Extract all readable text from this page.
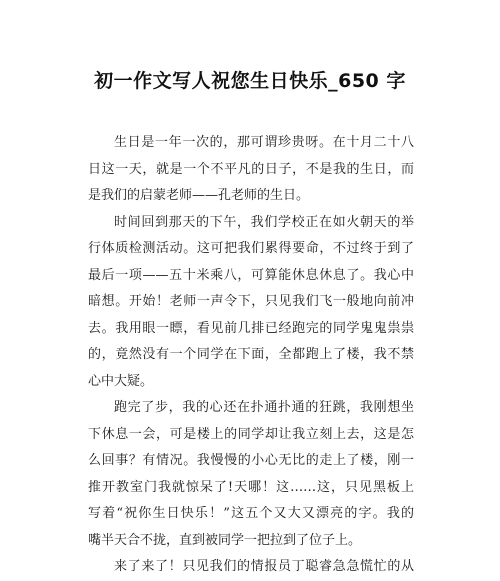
初一作文写人祝您生日快乐_650 字
生日是一年一次的，那可谓珍贵呀。在十月二十八
日这一天，就是一个不平凡的日子，不是我的生日，而
是我们的启蒙老师——孔老师的生日。
时间回到那天的下午，我们学校正在如火朝天的举
行体质检测活动。这可把我们累得要命，不过终于到了
最后一项——五十米乘八，可算能休息休息了。我心中
暗想。开始！老师一声令下，只见我们飞一般地向前冲
去。我用眼一瞟，看见前几排已经跑完的同学鬼鬼祟祟
的，竟然没有一个同学在下面，全都跑上了楼，我不禁
心中大疑。
跑完了步，我的心还在扑通扑通的狂跳，我刚想坐
下休息一会，可是楼上的同学却让我立刻上去，这是怎
么回事？有情况。我慢慢的小心无比的走上了楼，刚一
推开教室门我就惊呆了!天哪！这……这，只见黑板上
写着“祝你生日快乐！”这五个又大又漂亮的字。我的
嘴半天合不拢，直到被同学一把拉到了位子上。
来了来了！只见我们的情报员丁聪睿急急慌忙的从
